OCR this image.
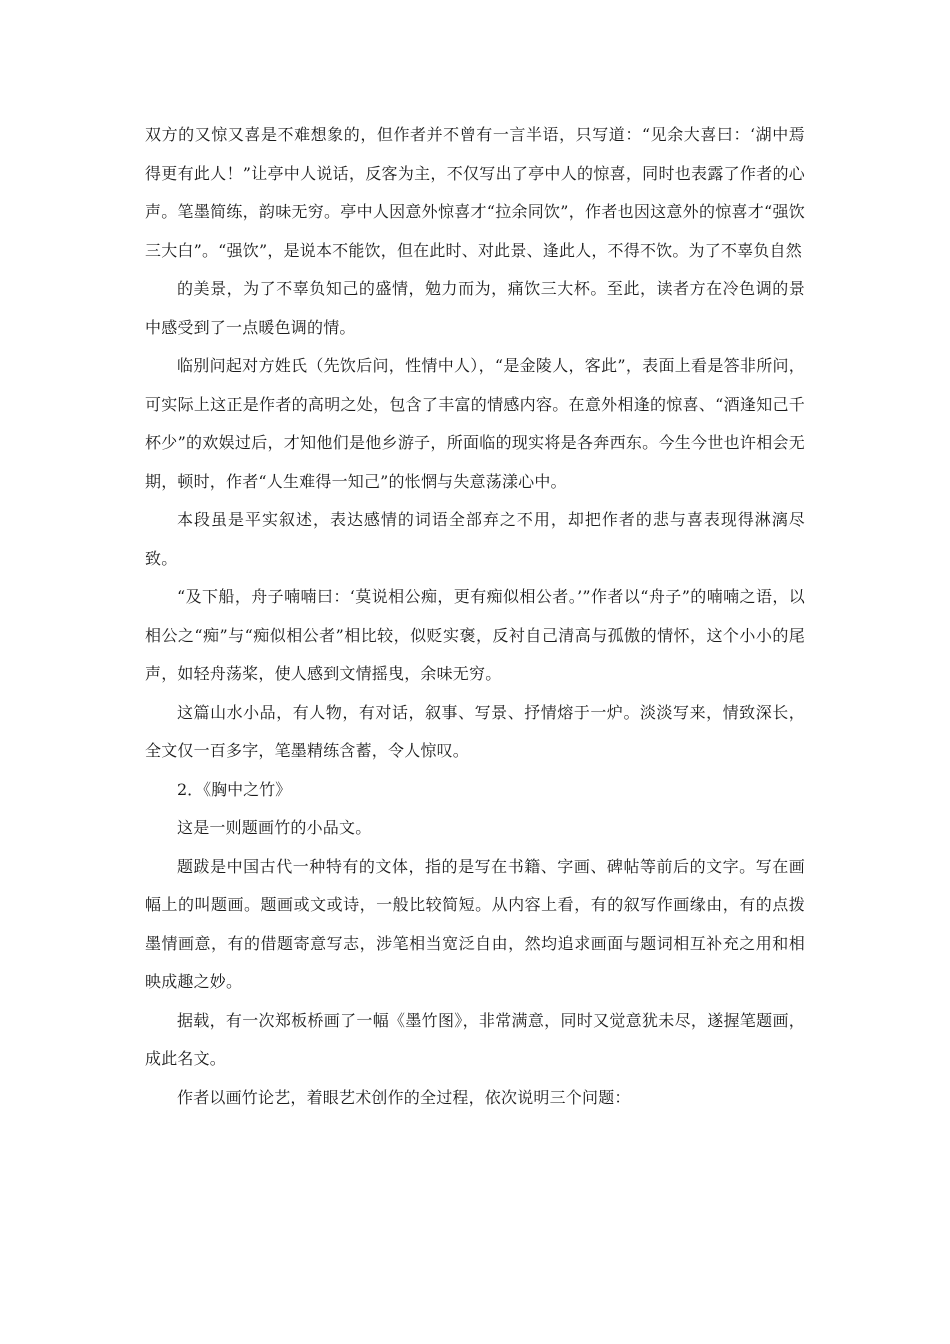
双方的又惊又喜是不难想象的，但作者并不曾有一言半语，只写道：“见余大喜曰：‘湖中焉得更有此人！”让亭中人说话，反客为主，不仅写出了亭中人的惊喜，同时也表露了作者的心声。笔墨简练，韵味无穷。亭中人因意外惊喜才“拉余同饮”，作者也因这意外的惊喜才“强饮三大白”。“强饮”，是说本不能饮，但在此时、对此景、逢此人，不得不饮。为了不辜负自然

的美景，为了不辜负知己的盛情，勉力而为，痛饮三大杯。至此，读者方在冷色调的景中感受到了一点暖色调的情。

临别问起对方姓氏（先饮后问，性情中人），“是金陵人，客此”，表面上看是答非所问，可实际上这正是作者的高明之处，包含了丰富的情感内容。在意外相逢的惊喜、“酒逢知己千杯少”的欢娱过后，才知他们是他乡游子，所面临的现实将是各奔西东。今生今世也许相会无期，顿时，作者“人生难得一知己”的怅惘与失意荡漾心中。

本段虽是平实叙述，表达感情的词语全部弃之不用，却把作者的悲与喜表现得淋漓尽致。

“及下船，舟子喃喃曰：‘莫说相公痴，更有痴似相公者。’”作者以“舟子”的喃喃之语，以相公之“痴”与“痴似相公者”相比较，似贬实褒，反衬自己清高与孤傲的情怀，这个小小的尾声，如轻舟荡桨，使人感到文情摇曳，余味无穷。

这篇山水小品，有人物，有对话，叙事、写景、抒情熔于一炉。淡淡写来，情致深长，全文仅一百多字，笔墨精练含蓄，令人惊叹。

2．《胸中之竹》

这是一则题画竹的小品文。

题跋是中国古代一种特有的文体，指的是写在书籍、字画、碑帖等前后的文字。写在画幅上的叫题画。题画或文或诗，一般比较简短。从内容上看，有的叙写作画缘由，有的点拨墨情画意，有的借题寄意写志，涉笔相当宽泛自由，然均追求画面与题词相互补充之用和相映成趣之妙。

据载，有一次郑板桥画了一幅《墨竹图》，非常满意，同时又觉意犹未尽，遂握笔题画，成此名文。

作者以画竹论艺，着眼艺术创作的全过程，依次说明三个问题：
